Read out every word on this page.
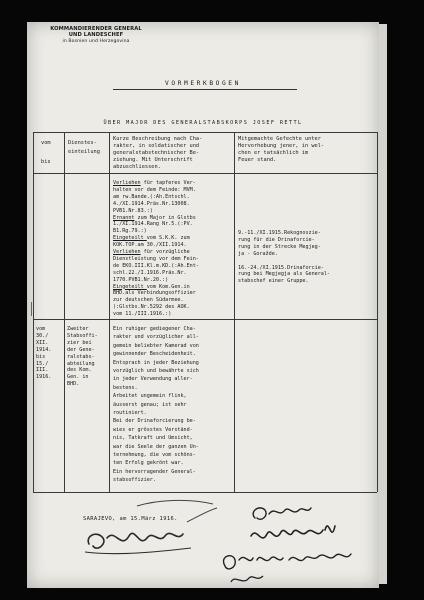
KOMMANDIERENDER GENERAL
UND LANDESCHEF
in Bosnien und Herzegovina
VORMERKBOGEN
ÜBER MAJOR DES GENERALSTABSKORPS JOSEF RETTL
vom
bis
Dienstes-
einteilung
Kurze Beschreibung nach Cha-
rakter, in soldatischer und
generalstabstechnischer Be-
ziehung. Mit Unterschrift
abzuschliessen.
Mitgemachte Gefechte unter
Hervorhebung jener, in wel-
chen er tatsächlich im
Feuer stand.
Verliehen für tapferes Ver-
halten vor dem Feinde: MVM.
am rw.Bande.(:Ah.Entschl.
4./XI.1914.Präs.Nr.13008.
PVB1.Nr.83.:)
Ernannt zum Major in Glstbs
1./XI.1914.Rang Nr.5.(:PV.
B1.Rg.79.:)
Eingeteilt vom S.K.K. zum
KOK.TOP.am 30./XII.1914.
Verliehen für vorzügliche
Dienstleistung vor dem Fein-
de EKO.III.Kl.m.KD.(:Ah.Ent-
schl.22./I.1916.Präs.Nr.
1770.PVB1.Nr.20.:)
Eingeteilt vom Kom.Gen.in
BHD.als Verbindungsoffizier
zur deutschen Südarmee.
(:Glstbs.Nr.5292 des AOK.
vom 11./III.1916.:)
9.-11./XI.1915.Rekognoszie-
rung für die Drinaforcie-
rung in der Strecke Megjeg-
ja - Goražde.
16.-24./XI.1915.Drinaforcie-
rung bei Megjegja als General-
stabschef einer Gruppe.
vom
30./
XII.
1914.
bis
15./
III.
1916.
Zweiter
Stabsoffi-
zier bei
der Gene-
ralstabs-
abteilung
des Kom.
Gen. in
BHD.
Ein ruhiger gediegener Cha-
rakter und vorzüglicher all-
gemein beliebter Kamerad von
gewinnender Bescheidenheit.
Entsprach in jeder Beziehung
vorzüglich und bewährte sich
in jeder Verwendung aller-
bestens.
Arbeitet ungemein flink,
äusserst genau; ist sehr
routiniert.
Bei der Drinaforcierung be-
wies er grösstes Verständ-
nis, Tatkraft und Umsicht,
war die Seele der ganzen Un-
ternehmung, die vom schöns-
ten Erfolg gekrönt war.
Ein hervorragender General-
stabsoffizier.
SARAJEVO, am 15.März 1916.
